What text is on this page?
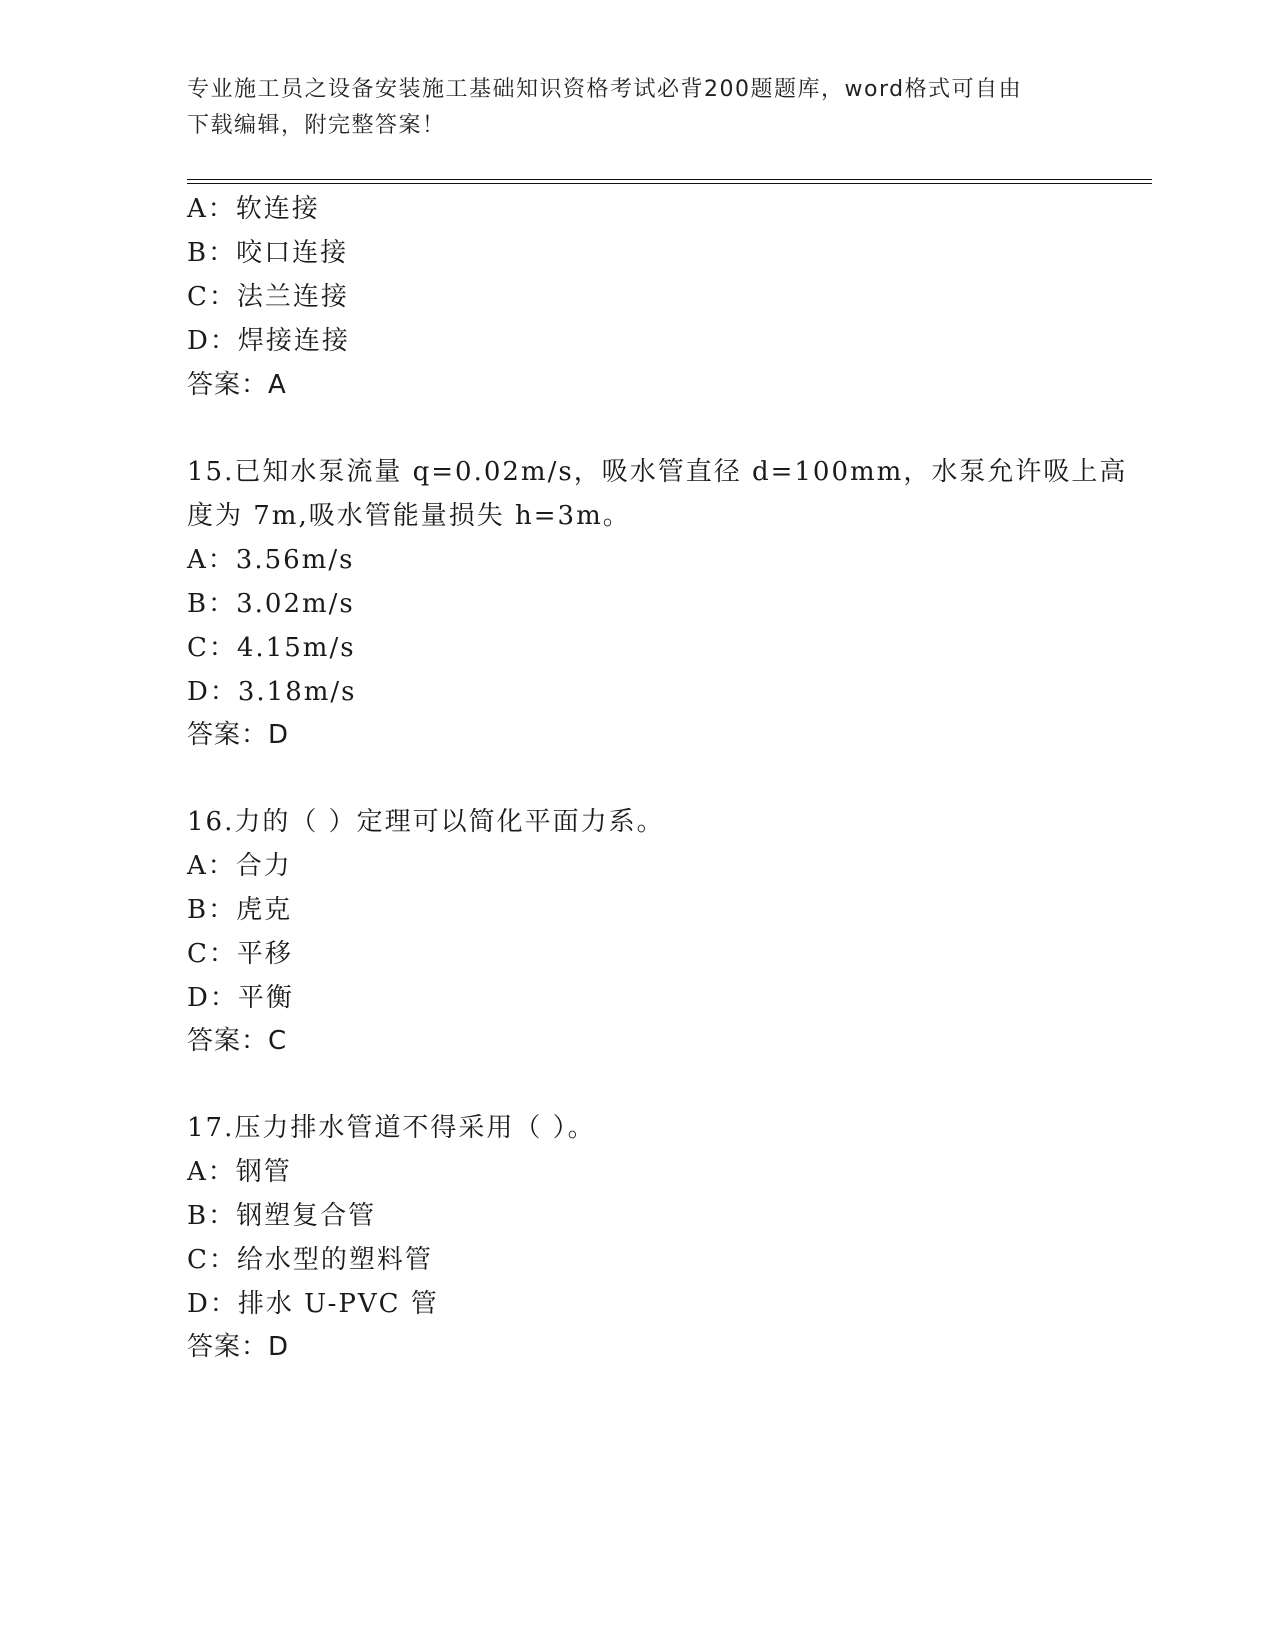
专业施工员之设备安装施工基础知识资格考试必背200题题库，word格式可自由
下载编辑，附完整答案！
A：软连接
B：咬口连接
C：法兰连接
D：焊接连接
答案：A
15.已知水泵流量 q=0.02m/s，吸水管直径 d=100mm，水泵允许吸上高
度为 7m,吸水管能量损失 h=3m。
A：3.56m/s
B：3.02m/s
C：4.15m/s
D：3.18m/s
答案：D
16.力的（ ）定理可以简化平面力系。
A：合力
B：虎克
C：平移
D：平衡
答案：C
17.压力排水管道不得采用（ ）。
A：钢管
B：钢塑复合管
C：给水型的塑料管
D：排水 U-PVC 管
答案：D
